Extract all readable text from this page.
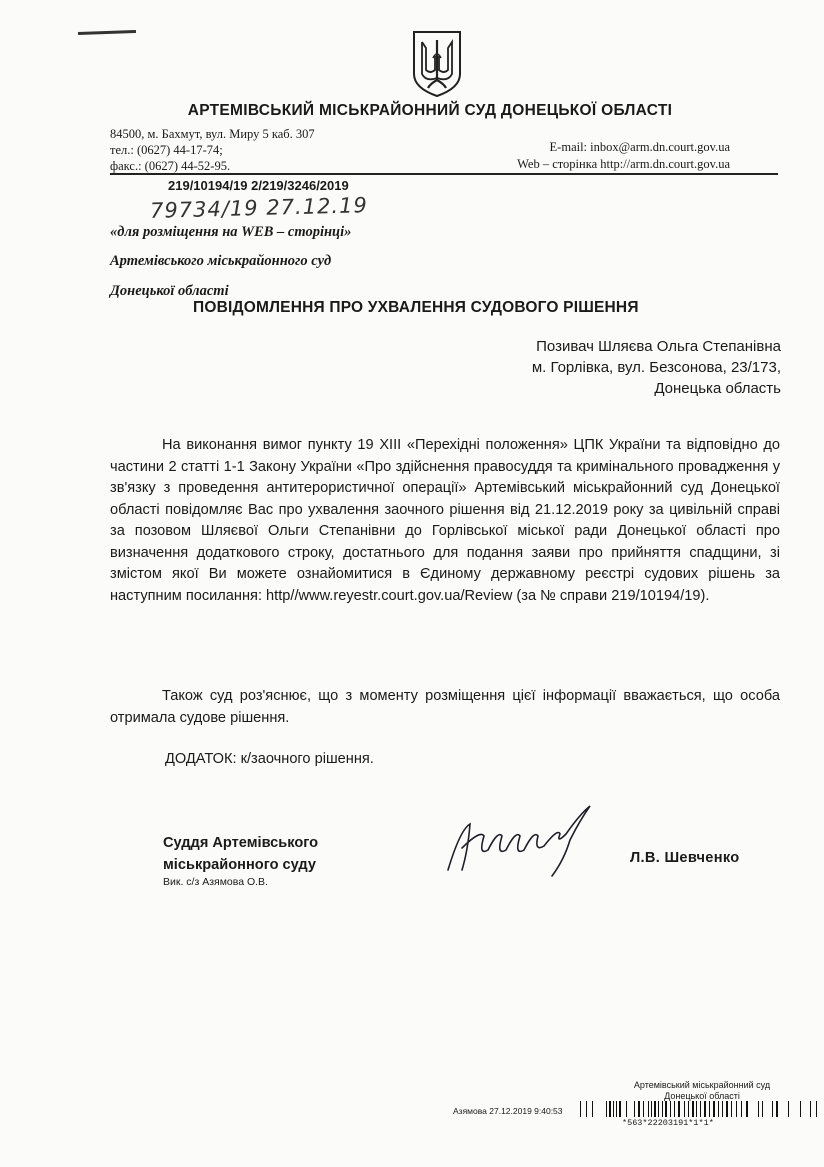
АРТЕМІВСЬКИЙ МІСЬКРАЙОННИЙ СУД ДОНЕЦЬКОЇ ОБЛАСТІ
84500, м. Бахмут, вул. Миру 5 каб. 307
тел.: (0627) 44-17-74;
факс.: (0627) 44-52-95.
E-mail: inbox@arm.dn.court.gov.ua
Web – сторінка http://arm.dn.court.gov.ua
219/10194/19 2/219/3246/2019
79734/19 27.12.19
«для розміщення на WEB – сторінці»
Артемівського міськрайонного суд
Донецької області
ПОВІДОМЛЕННЯ ПРО УХВАЛЕННЯ СУДОВОГО РІШЕННЯ
Позивач Шляєва Ольга Степанівна
м. Горлівка, вул. Безсонова, 23/173,
Донецька область
На виконання вимог пункту 19 XIII «Перехідні положення» ЦПК України та відповідно до частини 2 статті 1-1 Закону України «Про здійснення правосуддя та кримінального провадження у зв'язку з проведення антитерористичної операції» Артемівський міськрайонний суд Донецької області повідомляє Вас про ухвалення заочного рішення від 21.12.2019 року за цивільній справі за позовом Шляєвої Ольги Степанівни до Горлівської міської ради Донецької області про визначення додаткового строку, достатнього для подання заяви про прийняття спадщини, зі змістом якої Ви можете ознайомитися в Єдиному державному реєстрі судових рішень за наступним посилання: http//www.reyestr.court.gov.ua/Review (за № справи 219/10194/19).
Також суд роз'яснює, що з моменту розміщення цієї інформації вважається, що особа отримала судове рішення.
ДОДАТОК: к/заочного рішення.
Суддя Артемівського
міськрайонного суду
Вик. с/з Азямова О.В.
Л.В. Шевченко
Артемівський міськрайонний суд
Донецької області
Азямова 27.12.2019 9:40:53
*563*22203191*1*1*
